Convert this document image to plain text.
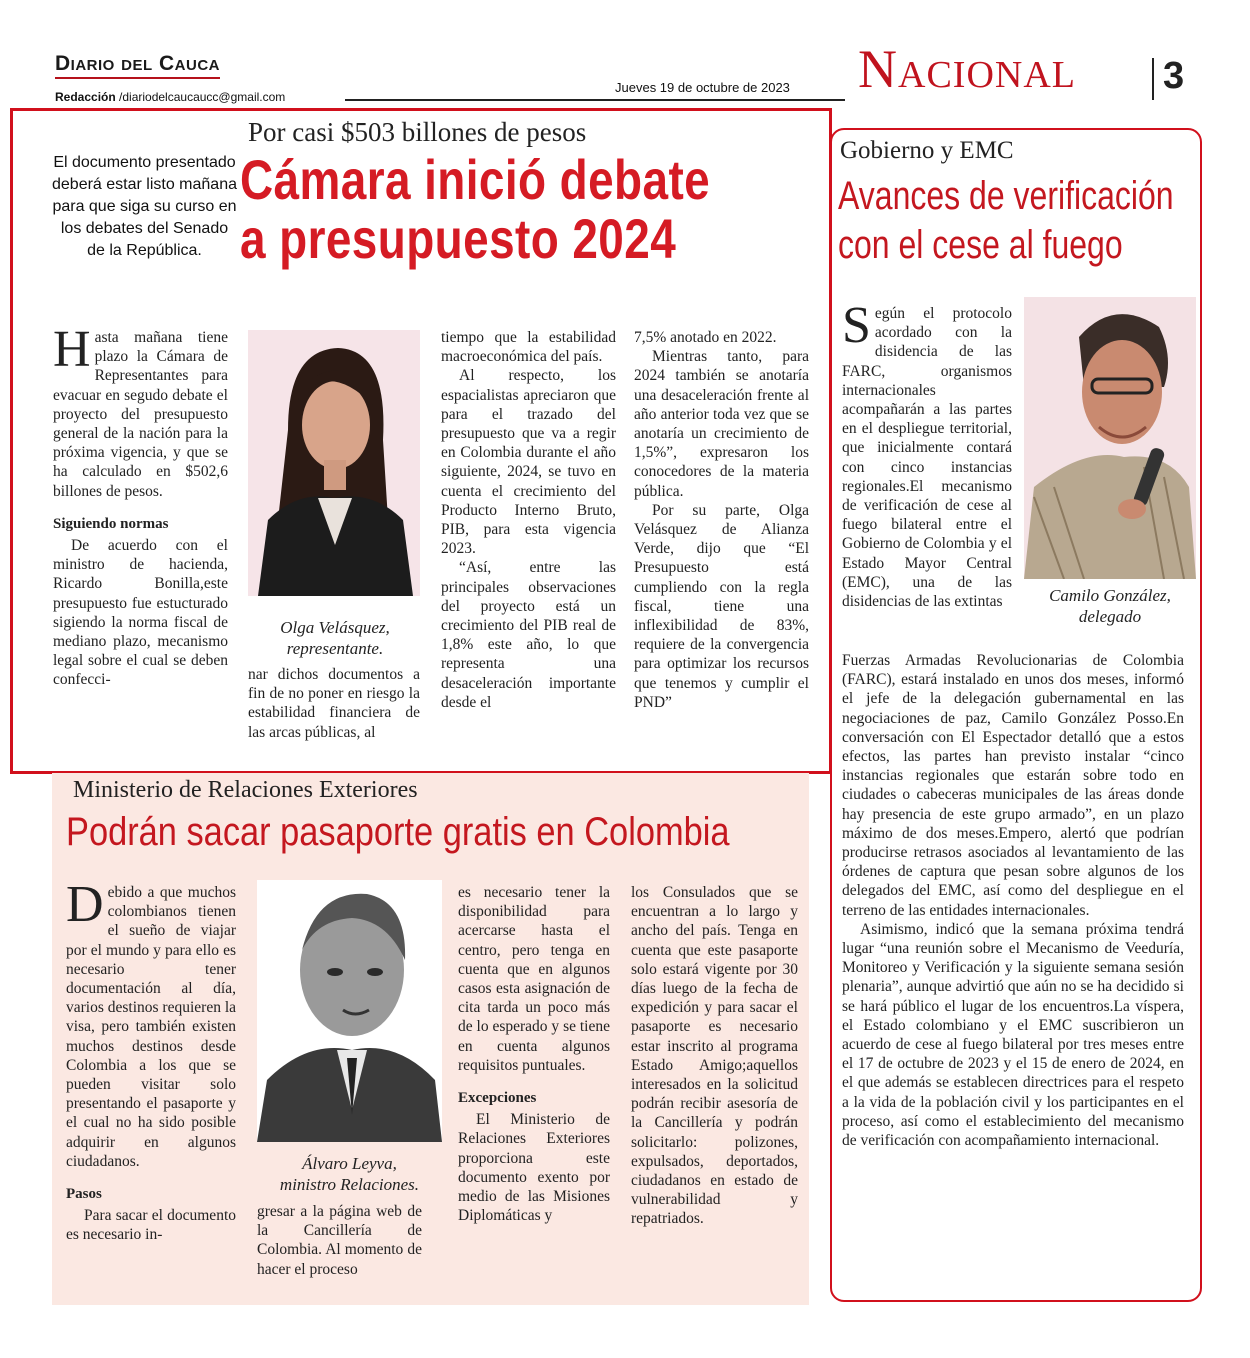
Diario del Cauca
Redacción /diariodelcaucaucc@gmail.com
Jueves 19 de octubre de 2023 Nacional 3
Por casi $503 billones de pesos
Cámara inició debate
a presupuesto 2024
El documento presentado deberá estar listo mañana para que siga su curso en los debates del Senado de la República.

Hasta mañana tiene plazo la Cámara de Representantes para evacuar en segudo debate el proyecto del presupuesto general de la nación para la próxima vigencia, y que se ha calculado en $502,6 billones de pesos.

Siguiendo normas

De acuerdo con el ministro de hacienda, Ricardo Bonilla,este presupuesto fue estucturado sigiendo la norma fiscal de mediano plazo, mecanismo legal sobre el cual se deben confecci-

Olga Velásquez,
representante.

nar dichos documentos a fin de no poner en riesgo la estabilidad financiera de las arcas públicas, al

tiempo que la estabilidad macroeconómica del país.

Al respecto, los espacialistas apreciaron que para el trazado del presupuesto que va a regir en Colombia durante el año siguiente, 2024, se tuvo en cuenta el crecimiento del Producto Interno Bruto, PIB, para esta vigencia 2023.

“Así, entre las principales observaciones del proyecto está un crecimiento del PIB real de 1,8% este año, lo que representa una desaceleración importante desde el

7,5% anotado en 2022.

Mientras tanto, para 2024 también se anotaría una desaceleración frente al año anterior toda vez que se anotaría un crecimiento de 1,5%”, expresaron los conocedores de la materia pública.

Por su parte, Olga Velásquez de Alianza Verde, dijo que “El Presupuesto está cumpliendo con la regla fiscal, tiene una inflexibilidad de 83%, requiere de la convergencia para optimizar los recursos que tenemos y cumplir el PND”

Ministerio de Relaciones Exteriores
Podrán sacar pasaporte gratis en Colombia

Debido a que muchos colombianos tienen el sueño de viajar por el mundo y para ello es necesario tener documentación al día, varios destinos requieren la visa, pero también existen muchos destinos desde Colombia a los que se pueden visitar solo presentando el pasaporte y el cual no ha sido posible adquirir en algunos ciudadanos.

Pasos

Para sacar el documento es necesario in-

Álvaro Leyva,
ministro Relaciones.

gresar a la página web de la Cancillería de Colombia. Al momento de hacer el proceso

es necesario tener la disponibilidad para acercarse hasta el centro, pero tenga en cuenta que en algunos casos esta asignación de cita tarda un poco más de lo esperado y se tiene en cuenta algunos requisitos puntuales.

Excepciones

El Ministerio de Relaciones Exteriores proporciona este documento exento por medio de las Misiones Diplomáticas y

los Consulados que se encuentran a lo largo y ancho del país. Tenga en cuenta que este pasaporte solo estará vigente por 30 días luego de la fecha de expedición y para sacar el pasaporte es necesario estar inscrito al programa Estado Amigo;aquellos interesados en la solicitud podrán recibir asesoría de la Cancillería y podrán solicitarlo: polizones, expulsados, deportados, ciudadanos en estado de vulnerabilidad y repatriados.

Gobierno y EMC
Avances de verificación
con el cese al fuego

Según el protocolo acordado con la disidencia de las FARC, organismos internacionales acompañarán a las partes en el despliegue territorial, que inicialmente contará con cinco instancias regionales.El mecanismo de verificación de cese al fuego bilateral entre el Gobierno de Colombia y el Estado Mayor Central (EMC), una de las disidencias de las extintas	Camilo González,
delegado

Fuerzas Armadas Revolucionarias de Colombia (FARC), estará instalado en unos dos meses, informó el jefe de la delegación gubernamental en las negociaciones de paz, Camilo González Posso.En conversación con El Espectador detalló que a estos efectos, las partes han previsto instalar “cinco instancias regionales que estarán sobre todo en ciudades o cabeceras municipales de las áreas donde hay presencia de este grupo armado”, en un plazo máximo de dos meses.Empero, alertó que podrían producirse retrasos asociados al levantamiento de las órdenes de captura que pesan sobre algunos de los delegados del EMC, así como del despliegue en el terreno de las entidades internacionales.

Asimismo, indicó que la semana próxima tendrá lugar “una reunión sobre el Mecanismo de Veeduría, Monitoreo y Verificación y la siguiente semana sesión plenaria”, aunque advirtió que aún no se ha decidido si se hará público el lugar de los encuentros.La víspera, el Estado colombiano y el EMC suscribieron un acuerdo de cese al fuego bilateral por tres meses entre el 17 de octubre de 2023 y el 15 de enero de 2024, en el que además se establecen directrices para el respeto a la vida de la población civil y los participantes en el proceso, así como el establecimiento del mecanismo de verificación con acompañamiento internacional.
